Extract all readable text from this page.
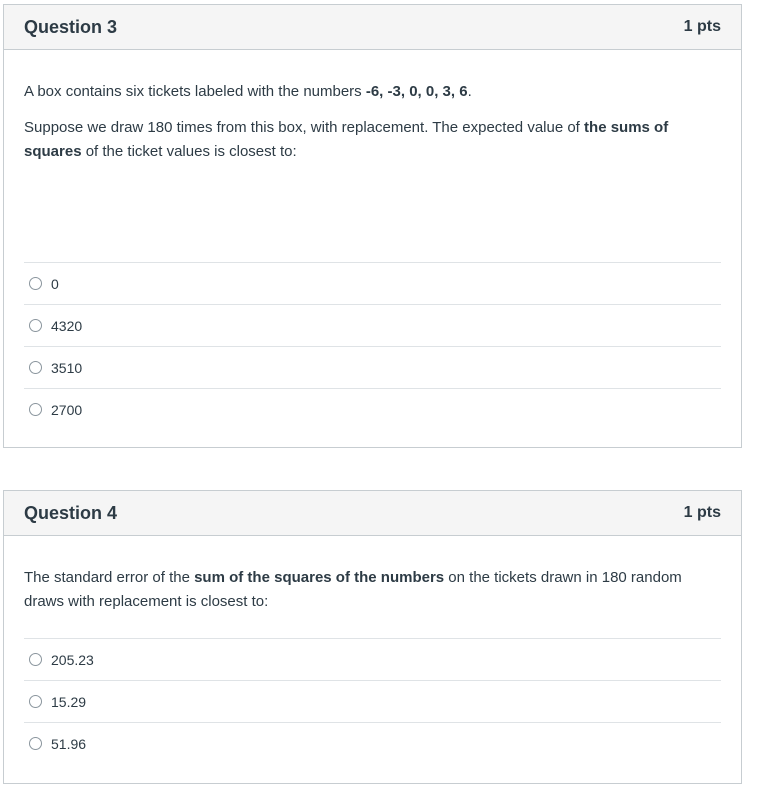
Question 3	1 pts

A box contains six tickets labeled with the numbers -6, -3, 0, 0, 3, 6.

Suppose we draw 180 times from this box, with replacement. The expected value of the sums of squares of the ticket values is closest to:

0
4320
3510
2700
Question 4	1 pts

The standard error of the sum of the squares of the numbers on the tickets drawn in 180 random draws with replacement is closest to:

205.23
15.29
51.96
